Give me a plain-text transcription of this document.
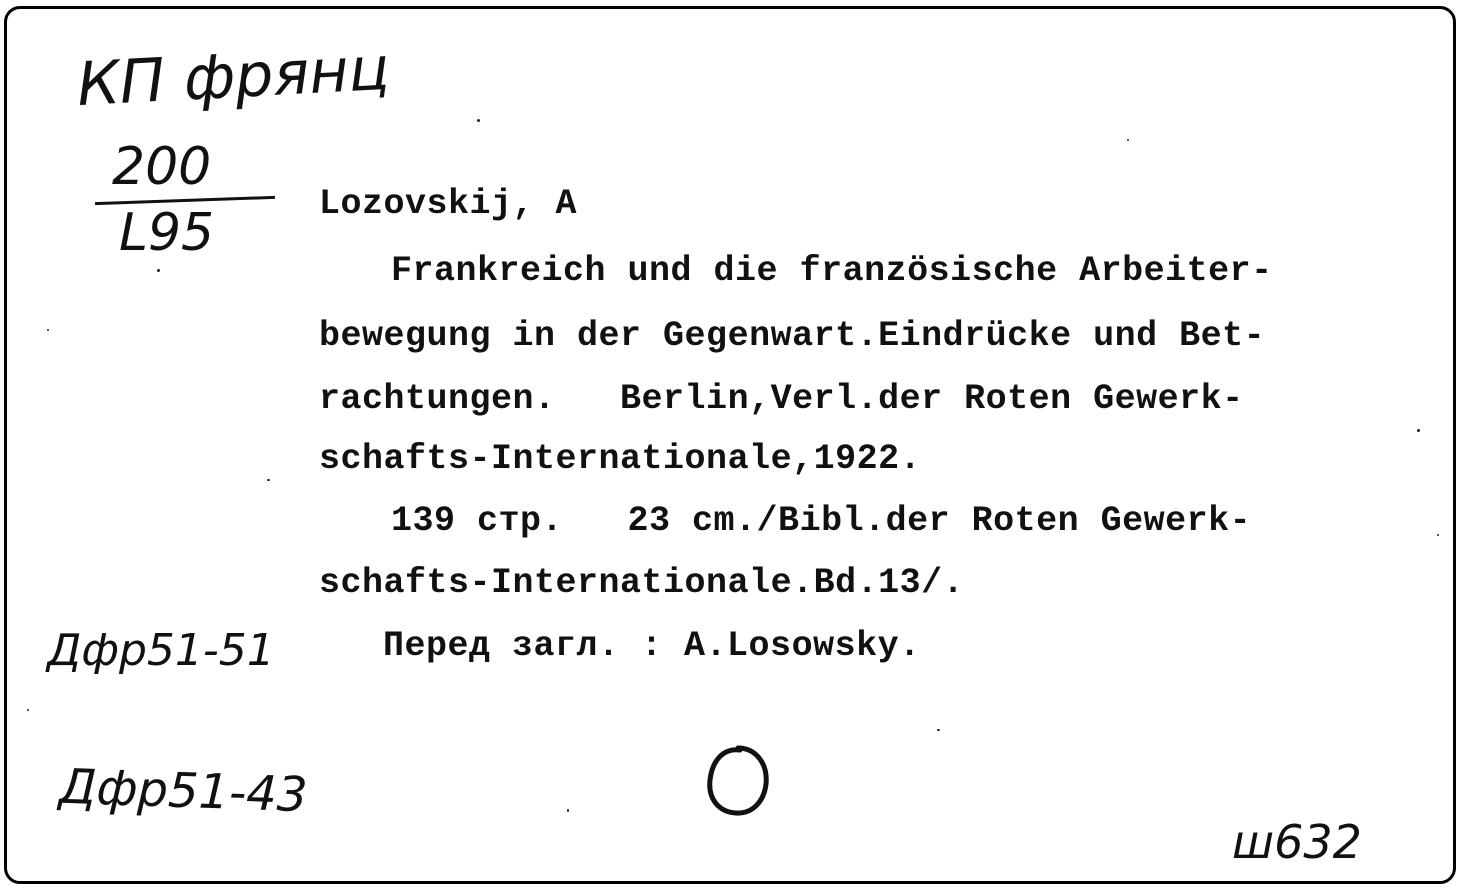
КП фрянц
200
L95
Дфр51-51
Дфр51-43
ш632
Lozovskij, A
Frankreich und die französische Arbeiter-
bewegung in der Gegenwart.Eindrücke und Bet-
rachtungen.   Berlin,Verl.der Roten Gewerk-
schafts-Internationale,1922.
139 стр.   23 cm./Bibl.der Roten Gewerk-
schafts-Internationale.Bd.13/.
Перед загл. : A.Losowsky.
